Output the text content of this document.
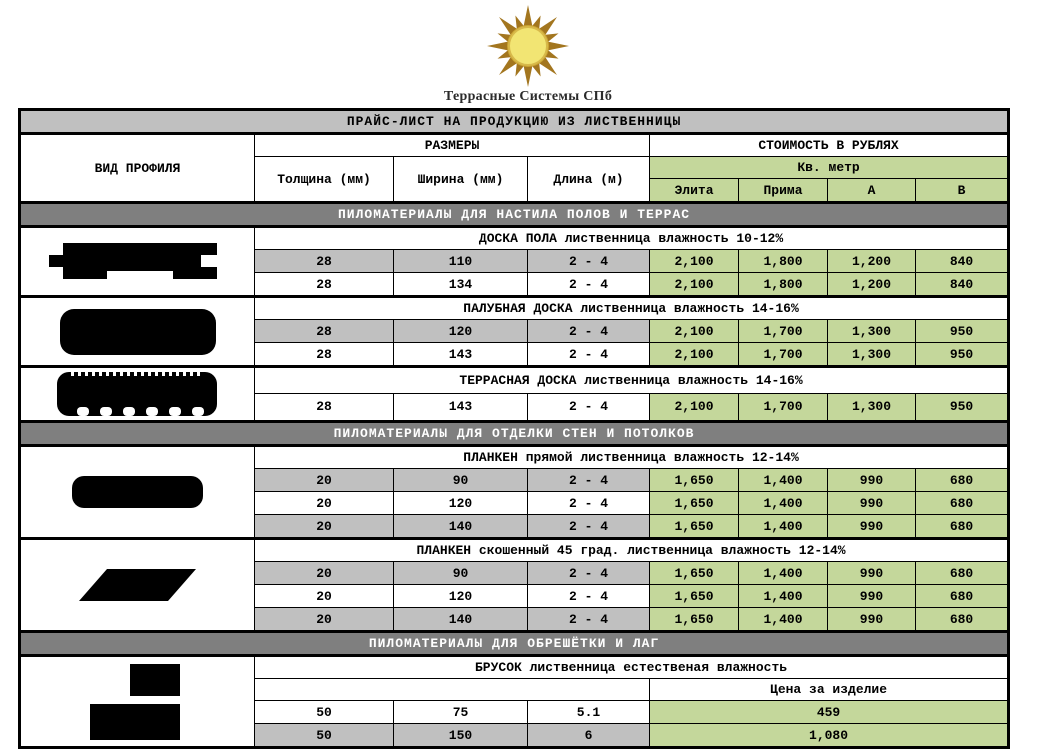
Террасные Системы СПб
ПРАЙС-ЛИСТ НА ПРОДУКЦИЮ ИЗ ЛИСТВЕННИЦЫ							
ВИД ПРОФИЛЯ	РАЗМЕРЫ			СТОИМОСТЬ В РУБЛЯХ			
	Толщина (мм)	Ширина (мм)	Длина (м)	Кв. метр			
				Элита	Прима	А	В
ПИЛОМАТЕРИАЛЫ ДЛЯ НАСТИЛА ПОЛОВ И ТЕРРАС							

	ДОСКА ПОЛА лиственница влажность 10-12%						
	28	110	2 - 4	2,100	1,800	1,200	840
	28	134	2 - 4	2,100	1,800	1,200	840

	ПАЛУБНАЯ ДОСКА лиственница влажность 14-16%						
	28	120	2 - 4	2,100	1,700	1,300	950
	28	143	2 - 4	2,100	1,700	1,300	950

	ТЕРРАСНАЯ ДОСКА лиственница влажность 14-16%						
	28	143	2 - 4	2,100	1,700	1,300	950
ПИЛОМАТЕРИАЛЫ ДЛЯ ОТДЕЛКИ СТЕН И ПОТОЛКОВ							

	ПЛАНКЕН прямой лиственница влажность 12-14%						
	20	90	2 - 4	1,650	1,400	990	680
	20	120	2 - 4	1,650	1,400	990	680
	20	140	2 - 4	1,650	1,400	990	680

	ПЛАНКЕН скошенный 45 град. лиственница влажность 12-14%						
	20	90	2 - 4	1,650	1,400	990	680
	20	120	2 - 4	1,650	1,400	990	680
	20	140	2 - 4	1,650	1,400	990	680
ПИЛОМАТЕРИАЛЫ ДЛЯ ОБРЕШЁТКИ И ЛАГ							

	БРУСОК лиственница естественая влажность						
				Цена за изделие			
	50	75	5.1	459			
	50	150	6	1,080			
